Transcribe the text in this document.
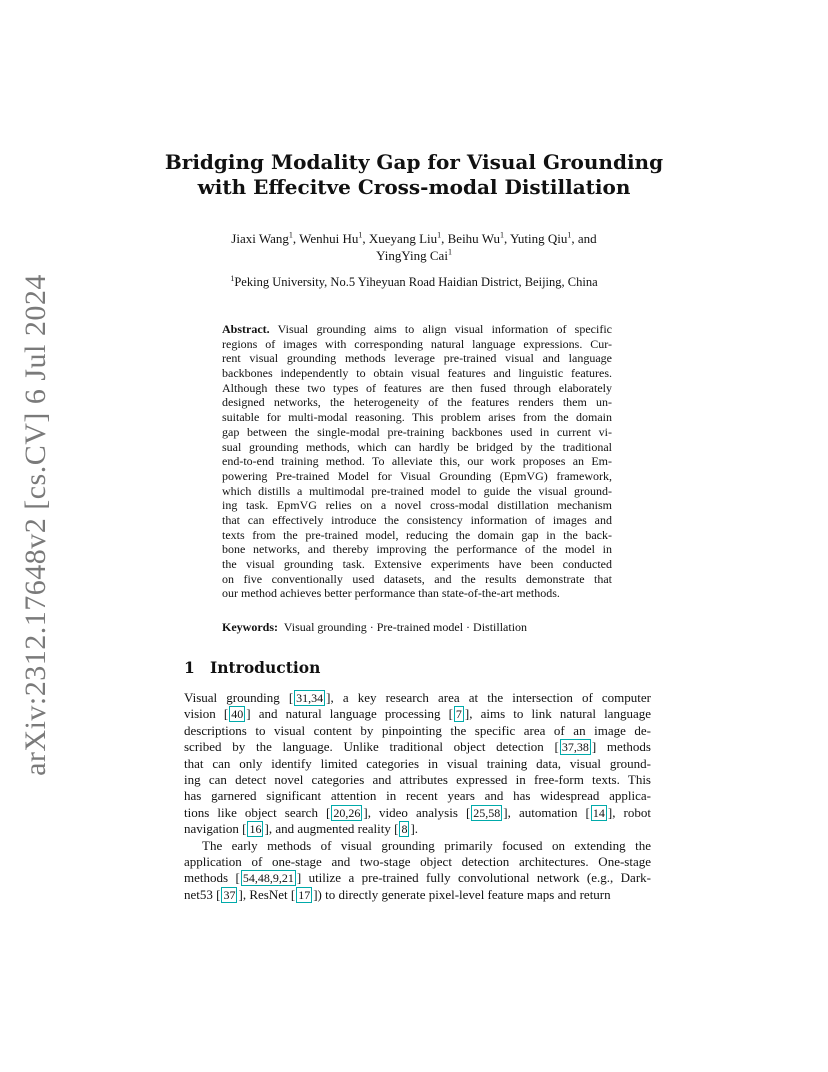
arXiv:2312.17648v2 [cs.CV] 6 Jul 2024
Bridging Modality Gap for Visual Grounding
with Effecitve Cross-modal Distillation
Jiaxi Wang$^1$, Wenhui Hu$^1$, Xueyang Liu$^1$, Beihu Wu$^1$, Yuting Qiu$^1$, and
YingYing Cai$^1$
$^1$Peking University, No.5 Yiheyuan Road Haidian District, Beijing, China
Abstract. Visual grounding aims to align visual information of specific
regions of images with corresponding natural language expressions. Cur-
rent visual grounding methods leverage pre-trained visual and language
backbones independently to obtain visual features and linguistic features.
Although these two types of features are then fused through elaborately
designed networks, the heterogeneity of the features renders them un-
suitable for multi-modal reasoning. This problem arises from the domain
gap between the single-modal pre-training backbones used in current vi-
sual grounding methods, which can hardly be bridged by the traditional
end-to-end training method. To alleviate this, our work proposes an Em-
powering Pre-trained Model for Visual Grounding (EpmVG) framework,
which distills a multimodal pre-trained model to guide the visual ground-
ing task. EpmVG relies on a novel cross-modal distillation mechanism
that can effectively introduce the consistency information of images and
texts from the pre-trained model, reducing the domain gap in the back-
bone networks, and thereby improving the performance of the model in
the visual grounding task. Extensive experiments have been conducted
on five conventionally used datasets, and the results demonstrate that
our method achieves better performance than state-of-the-art methods.
Keywords: Visual grounding · Pre-trained model · Distillation
1 Introduction
Visual grounding [ 31,34 ], a key research area at the intersection of computer
vision [ 40 ] and natural language processing [ 7 ], aims to link natural language
descriptions to visual content by pinpointing the specific area of an image de-
scribed by the language. Unlike traditional object detection [ 37,38 ] methods
that can only identify limited categories in visual training data, visual ground-
ing can detect novel categories and attributes expressed in free-form texts. This
has garnered significant attention in recent years and has widespread applica-
tions like object search [ 20,26 ], video analysis [ 25,58 ], automation [ 14 ], robot
navigation [ 16 ], and augmented reality [ 8 ].
The early methods of visual grounding primarily focused on extending the
application of one-stage and two-stage object detection architectures. One-stage
methods [ 54,48,9,21 ] utilize a pre-trained fully convolutional network (e.g., Dark-
net53 [ 37 ], ResNet [ 17 ]) to directly generate pixel-level feature maps and return
